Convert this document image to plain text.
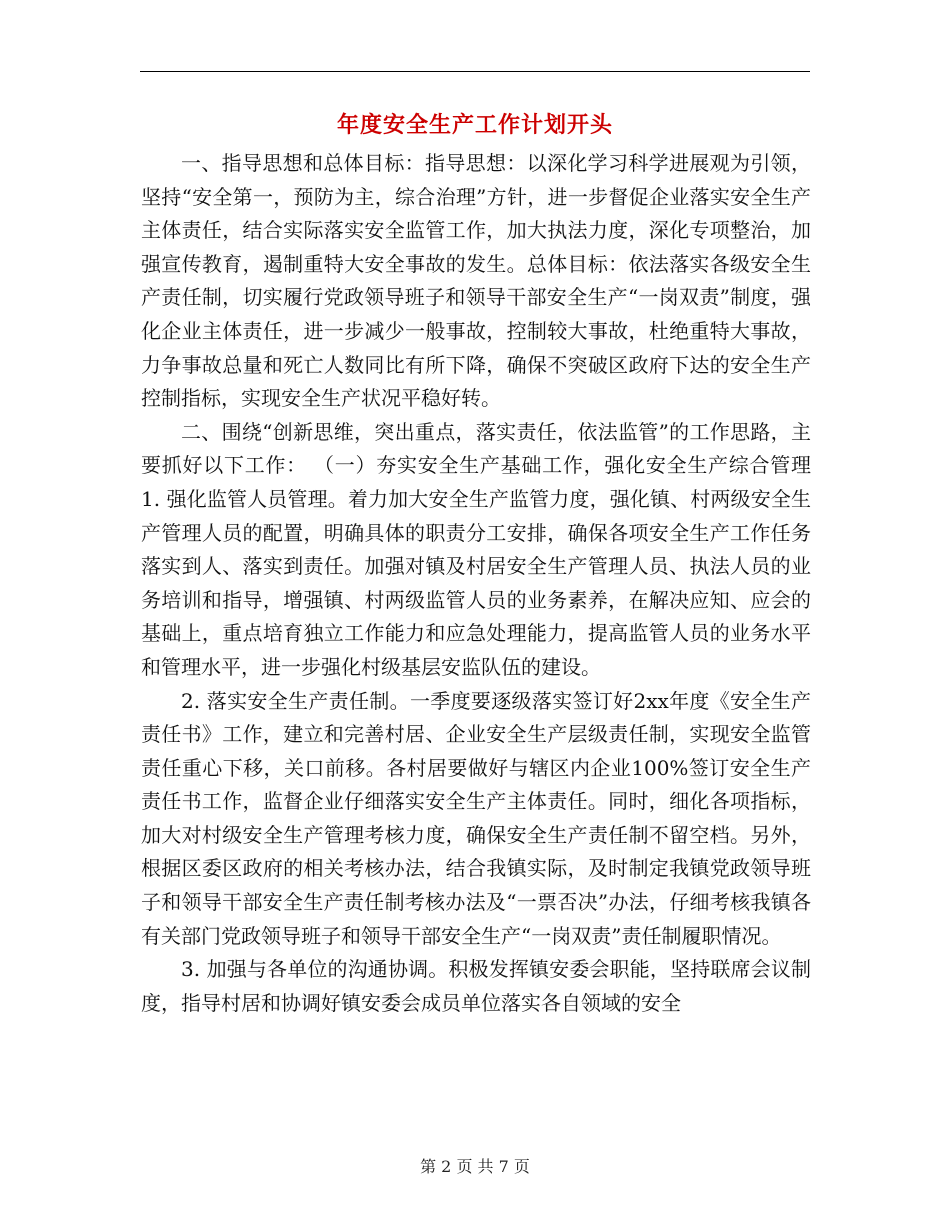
年度安全生产工作计划开头

一、指导思想和总体目标：指导思想：以深化学习科学进展观为引领，坚持“安全第一，预防为主，综合治理”方针，进一步督促企业落实安全生产主体责任，结合实际落实安全监管工作，加大执法力度，深化专项整治，加强宣传教育，遏制重特大安全事故的发生。总体目标：依法落实各级安全生产责任制，切实履行党政领导班子和领导干部安全生产“一岗双责”制度，强化企业主体责任，进一步减少一般事故，控制较大事故，杜绝重特大事故，力争事故总量和死亡人数同比有所下降，确保不突破区政府下达的安全生产控制指标，实现安全生产状况平稳好转。

二、围绕“创新思维，突出重点，落实责任，依法监管”的工作思路，主要抓好以下工作： （一）夯实安全生产基础工作，强化安全生产综合管理 1. 强化监管人员管理。着力加大安全生产监管力度，强化镇、村两级安全生产管理人员的配置，明确具体的职责分工安排，确保各项安全生产工作任务落实到人、落实到责任。加强对镇及村居安全生产管理人员、执法人员的业务培训和指导，增强镇、村两级监管人员的业务素养，在解决应知、应会的基础上，重点培育独立工作能力和应急处理能力，提高监管人员的业务水平和管理水平，进一步强化村级基层安监队伍的建设。

2. 落实安全生产责任制。一季度要逐级落实签订好2xx年度《安全生产责任书》工作，建立和完善村居、企业安全生产层级责任制，实现安全监管责任重心下移，关口前移。各村居要做好与辖区内企业100%签订安全生产责任书工作，监督企业仔细落实安全生产主体责任。同时，细化各项指标，加大对村级安全生产管理考核力度，确保安全生产责任制不留空档。另外，根据区委区政府的相关考核办法，结合我镇实际，及时制定我镇党政领导班子和领导干部安全生产责任制考核办法及“一票否决”办法，仔细考核我镇各有关部门党政领导班子和领导干部安全生产“一岗双责”责任制履职情况。

3. 加强与各单位的沟通协调。积极发挥镇安委会职能，坚持联席会议制度，指导村居和协调好镇安委会成员单位落实各自领域的安全

第 2 页 共 7 页
